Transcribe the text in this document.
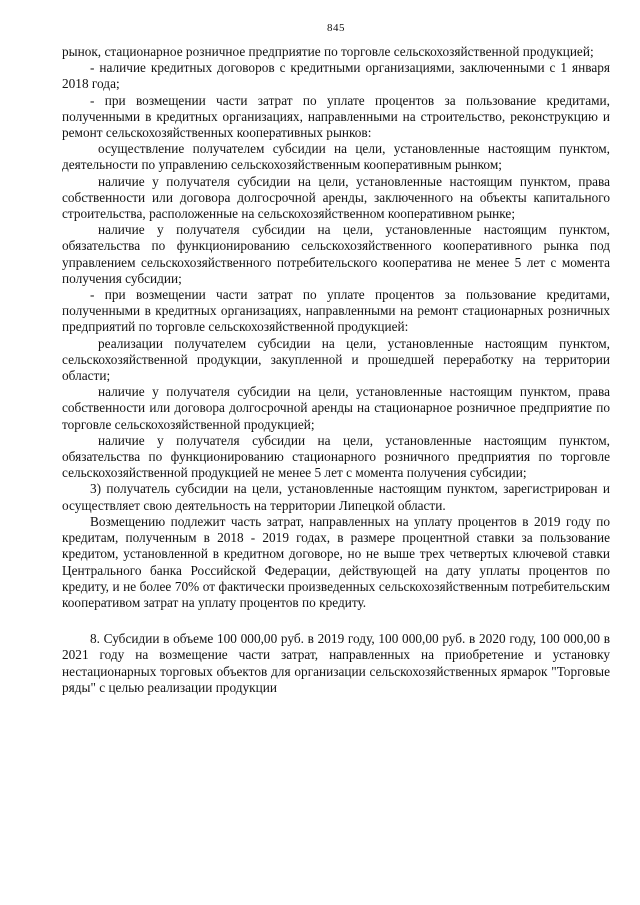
845

рынок, стационарное розничное предприятие по торговле сельскохозяйственной продукцией;

- наличие кредитных договоров с кредитными организациями, заключенными с 1 января 2018 года;

- при возмещении части затрат по уплате процентов за пользование кредитами, полученными в кредитных организациях, направленными на строительство, реконструкцию и ремонт сельскохозяйственных кооперативных рынков:

осуществление получателем субсидии на цели, установленные настоящим пунктом, деятельности по управлению сельскохозяйственным кооперативным рынком;

наличие у получателя субсидии на цели, установленные настоящим пунктом, права собственности или договора долгосрочной аренды, заключенного на объекты капитального строительства, расположенные на сельскохозяйственном кооперативном рынке;

наличие у получателя субсидии на цели, установленные настоящим пунктом, обязательства по функционированию сельскохозяйственного кооперативного рынка под управлением сельскохозяйственного потребительского кооператива не менее 5 лет с момента получения субсидии;

- при возмещении части затрат по уплате процентов за пользование кредитами, полученными в кредитных организациях, направленными на ремонт стационарных розничных предприятий по торговле сельскохозяйственной продукцией:

реализации получателем субсидии на цели, установленные настоящим пунктом, сельскохозяйственной продукции, закупленной и прошедшей переработку на территории области;

наличие у получателя субсидии на цели, установленные настоящим пунктом, права собственности или договора долгосрочной аренды на стационарное розничное предприятие по торговле сельскохозяйственной продукцией;

наличие у получателя субсидии на цели, установленные настоящим пунктом, обязательства по функционированию стационарного розничного предприятия по торговле сельскохозяйственной продукцией не менее 5 лет с момента получения субсидии;

3) получатель субсидии на цели, установленные настоящим пунктом, зарегистрирован и осуществляет свою деятельность на территории Липецкой области.

Возмещению подлежит часть затрат, направленных на уплату процентов в 2019 году по кредитам, полученным в 2018 - 2019 годах, в размере процентной ставки за пользование кредитом, установленной в кредитном договоре, но не выше трех четвертых ключевой ставки Центрального банка Российской Федерации, действующей на дату уплаты процентов по кредиту, и не более 70% от фактически произведенных сельскохозяйственным потребительским кооперативом затрат на уплату процентов по кредиту.

8. Субсидии в объеме 100 000,00 руб. в 2019 году, 100 000,00 руб. в 2020 году, 100 000,00 в 2021 году на возмещение части затрат, направленных на приобретение и установку нестационарных торговых объектов для организации сельскохозяйственных ярмарок "Торговые ряды" с целью реализации продукции
